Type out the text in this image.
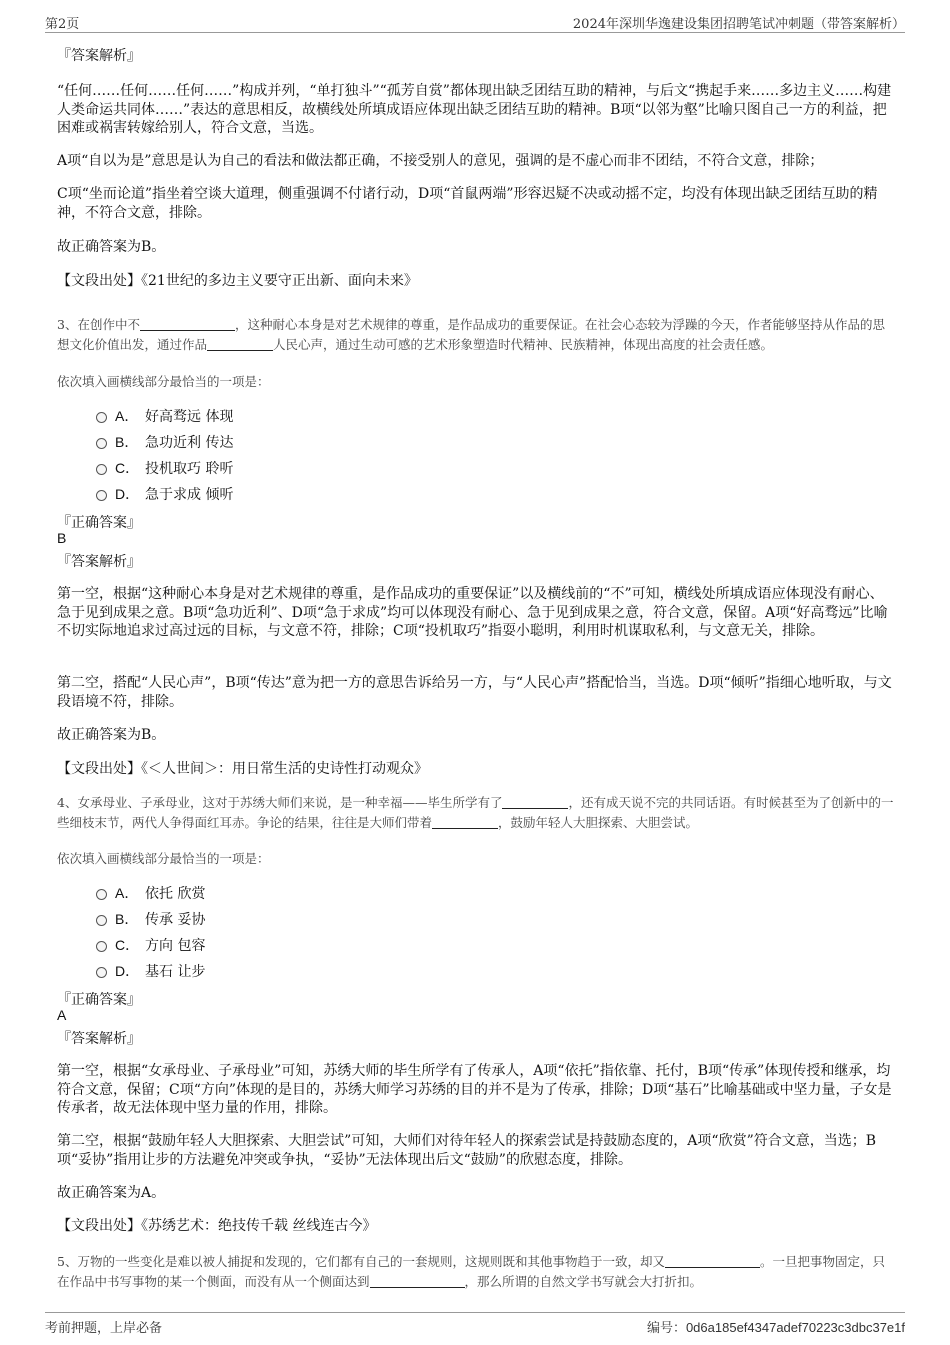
第2页	2024年深圳华逸建设集团招聘笔试冲刺题（带答案解析）

『答案解析』

“任何……任何……任何……”构成并列，“单打独斗”“孤芳自赏”都体现出缺乏团结互助的精神，与后文“携起手来……多边主义……构建人类命运共同体……”表达的意思相反，故横线处所填成语应体现出缺乏团结互助的精神。B项“以邻为壑”比喻只图自己一方的利益，把困难或祸害转嫁给别人，符合文意，当选。

A项“自以为是”意思是认为自己的看法和做法都正确，不接受别人的意见，强调的是不虚心而非不团结，不符合文意，排除；

C项“坐而论道”指坐着空谈大道理，侧重强调不付诸行动，D项“首鼠两端”形容迟疑不决或动摇不定，均没有体现出缺乏团结互助的精神，不符合文意，排除。

故正确答案为B。

【文段出处】《21世纪的多边主义要守正出新、面向未来》

3、在创作中不	，这种耐心本身是对艺术规律的尊重，是作品成功的重要保证。在社会心态较为浮躁的今天，作者能够坚持从作品的思想文化价值出发，通过作品	人民心声，通过生动可感的艺术形象塑造时代精神、民族精神，体现出高度的社会责任感。

依次填入画横线部分最恰当的一项是：

A． 好高骛远 体现
B． 急功近利 传达
C． 投机取巧 聆听
D． 急于求成 倾听
『正确答案』
B
『答案解析』

第一空，根据“这种耐心本身是对艺术规律的尊重，是作品成功的重要保证”以及横线前的“不”可知，横线处所填成语应体现没有耐心、急于见到成果之意。B项“急功近利”、D项“急于求成”均可以体现没有耐心、急于见到成果之意，符合文意，保留。A项“好高骛远”比喻不切实际地追求过高过远的目标，与文意不符，排除；C项“投机取巧”指耍小聪明，利用时机谋取私利，与文意无关，排除。

第二空，搭配“人民心声”，B项“传达”意为把一方的意思告诉给另一方，与“人民心声”搭配恰当，当选。D项“倾听”指细心地听取，与文段语境不符，排除。

故正确答案为B。

【文段出处】《＜人世间＞：用日常生活的史诗性打动观众》

4、女承母业、子承母业，这对于苏绣大师们来说，是一种幸福——毕生所学有了	，还有成天说不完的共同话语。有时候甚至为了创新中的一些细枝末节，两代人争得面红耳赤。争论的结果，往往是大师们带着	，鼓励年轻人大胆探索、大胆尝试。

依次填入画横线部分最恰当的一项是：

A． 依托 欣赏
B． 传承 妥协
C． 方向 包容
D． 基石 让步
『正确答案』
A
『答案解析』

第一空，根据“女承母业、子承母业”可知，苏绣大师的毕生所学有了传承人，A项“依托”指依靠、托付，B项“传承”体现传授和继承，均符合文意，保留；C项“方向”体现的是目的，苏绣大师学习苏绣的目的并不是为了传承，排除；D项“基石”比喻基础或中坚力量，子女是传承者，故无法体现中坚力量的作用，排除。

第二空，根据“鼓励年轻人大胆探索、大胆尝试”可知，大师们对待年轻人的探索尝试是持鼓励态度的，A项“欣赏”符合文意，当选；B项“妥协”指用让步的方法避免冲突或争执，“妥协”无法体现出后文“鼓励”的欣慰态度，排除。

故正确答案为A。

【文段出处】《苏绣艺术：绝技传千载 丝线连古今》

5、万物的一些变化是难以被人捕捉和发现的，它们都有自己的一套规则，这规则既和其他事物趋于一致，却又	。一旦把事物固定，只在作品中书写事物的某一个侧面，而没有从一个侧面达到	，那么所谓的自然文学书写就会大打折扣。

考前押题，上岸必备	编号：0d6a185ef4347adef70223c3dbc37e1f
